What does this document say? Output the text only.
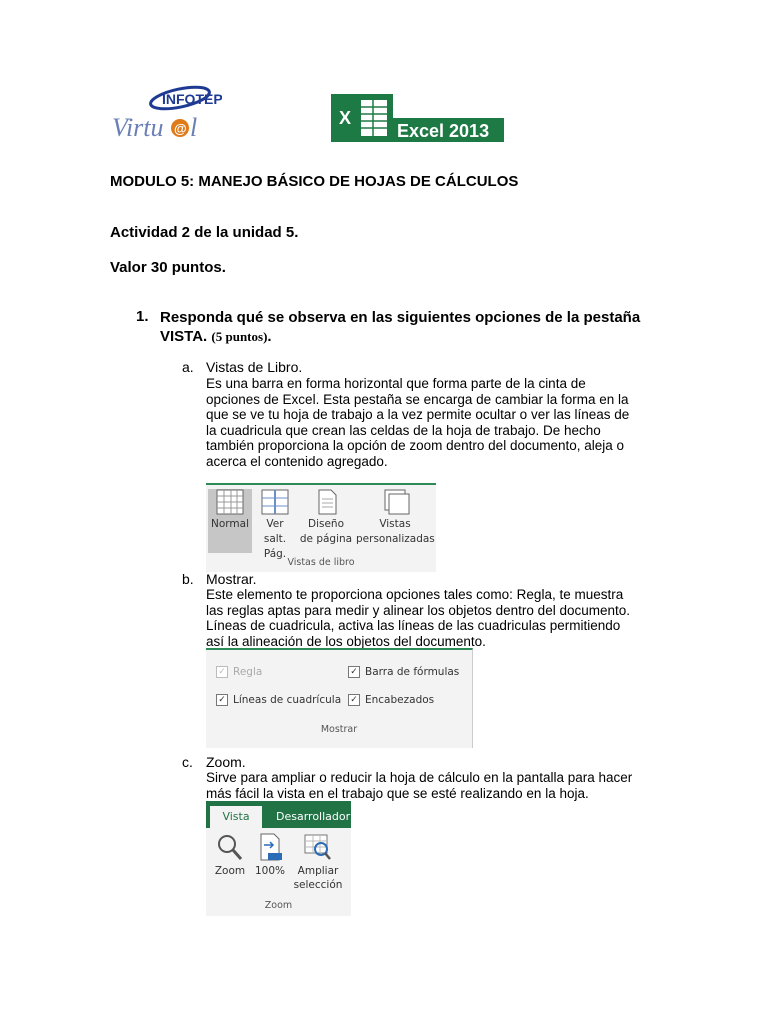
INFOTEP
Virtu @ l	X
Excel 2013
MODULO 5: MANEJO BÁSICO DE HOJAS DE CÁLCULOS
Actividad 2 de la unidad 5.
Valor 30 puntos.
1. Responda qué se observa en las siguientes opciones de la pestaña
VISTA. (5 puntos).
a. Vistas de Libro.
Es una barra en forma horizontal que forma parte de la cinta de
opciones de Excel. Esta pestaña se encarga de cambiar la forma en la
que se ve tu hoja de trabajo a la vez permite ocultar o ver las líneas de
la cuadricula que crean las celdas de la hoja de trabajo. De hecho
también proporciona la opción de zoom dentro del documento, aleja o
acerca el contenido agregado.
Normal	Ver salt.
Pág.
Diseño
de página
Vistas
personalizadas
Vistas de libro
b. Mostrar.
Este elemento te proporciona opciones tales como: Regla, te muestra
las reglas aptas para medir y alinear los objetos dentro del documento.
Líneas de cuadricula, activa las líneas de las cuadriculas permitiendo
así la alineación de los objetos del documento.
✓ Regla	✓ Barra de fórmulas
✓ Líneas de cuadrícula ✓ Encabezados
Mostrar
c. Zoom.
Sirve para ampliar o reducir la hoja de cálculo en la pantalla para hacer
más fácil la vista en el trabajo que se esté realizando en la hoja.
Vista	Desarrollador
Zoom 100%	Ampliar
selección
Zoom
